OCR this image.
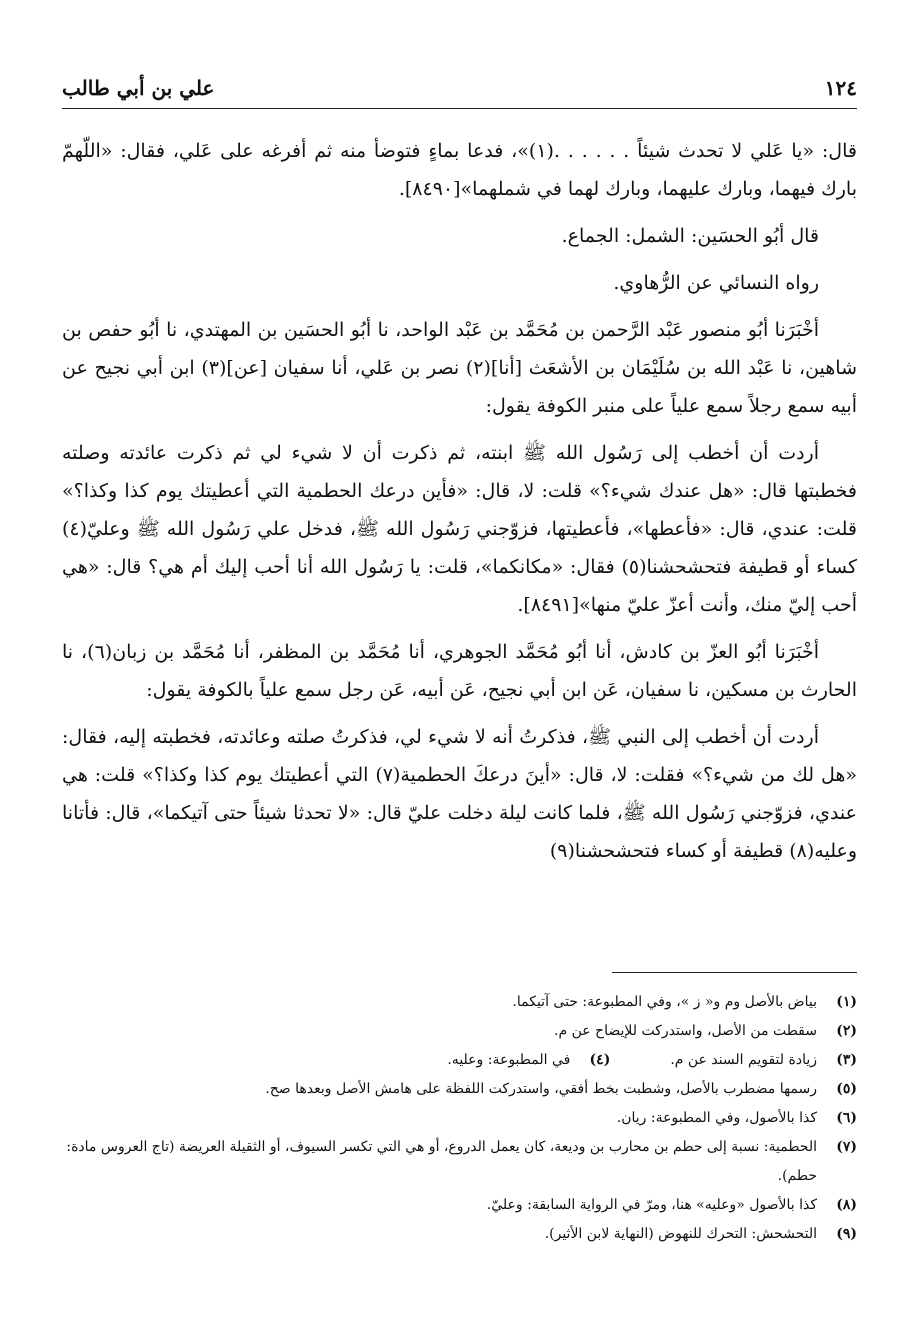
١٢٤
علي بن أبي طالب

قال: «يا عَلي لا تحدث شيئاً . . . . . .(١)»، فدعا بماءٍ فتوضأ منه ثم أفرغه على عَلي، فقال: «اللّهمّ بارك فيهما، وبارك عليهما، وبارك لهما في شملهما»[٨٤٩٠].

قال أبُو الحسَين: الشمل: الجماع.

رواه النسائي عن الرُّهاوي.

أخْبَرَنا أبُو منصور عَبْد الرَّحمن بن مُحَمَّد بن عَبْد الواحد، نا أبُو الحسَين بن المهتدي، نا أبُو حفص بن شاهين، نا عَبْد الله بن سُلَيْمَان بن الأشعَث [أنا](٢) نصر بن عَلي، أنا سفيان [عن](٣) ابن أبي نجيح عن أبيه سمع رجلاً سمع علياً على منبر الكوفة يقول:

أردت أن أخطب إلى رَسُول الله ﷺ ابنته، ثم ذكرت أن لا شيء لي ثم ذكرت عائدته وصلته فخطبتها قال: «هل عندك شيء؟» قلت: لا، قال: «فأين درعك الحطمية التي أعطيتك يوم كذا وكذا؟» قلت: عندي، قال: «فأعطها»، فأعطيتها، فزوّجني رَسُول الله ﷺ، فدخل علي رَسُول الله ﷺ وعليّ(٤) كساء أو قطيفة فتحشحشنا(٥) فقال: «مكانكما»، قلت: يا رَسُول الله أنا أحب إليك أم هي؟ قال: «هي أحب إليّ منك، وأنت أعزّ عليّ منها»[٨٤٩١].

أخْبَرَنا أبُو العزّ بن كادش، أنا أبُو مُحَمَّد الجوهري، أنا مُحَمَّد بن المظفر، أنا مُحَمَّد بن زبان(٦)، نا الحارث بن مسكين، نا سفيان، عَن ابن أبي نجيح، عَن أبيه، عَن رجل سمع علياً بالكوفة يقول:

أردت أن أخطب إلى النبي ﷺ، فذكرتُ أنه لا شيء لي، فذكرتُ صلته وعائدته، فخطبته إليه، فقال: «هل لك من شيء؟» فقلت: لا، قال: «أينَ درعكَ الحطمية(٧) التي أعطيتك يوم كذا وكذا؟» قلت: هي عندي، فزوّجني رَسُول الله ﷺ، فلما كانت ليلة دخلت عليّ قال: «لا تحدثا شيئاً حتى آتيكما»، قال: فأتانا وعليه(٨) قطيفة أو كساء فتحشحشنا(٩)

(١)
بياض بالأصل وم و« ز »، وفي المطبوعة: حتى آتيكما.
(٢)
سقطت من الأصل، واستدركت للإيضاح عن م.
(٣)
زيادة لتقويم السند عن م.
(٤)
في المطبوعة: وعليه.
(٥)
رسمها مضطرب بالأصل، وشطبت بخط أفقي، واستدركت اللفظة على هامش الأصل وبعدها صح.
(٦)
كذا بالأصول، وفي المطبوعة: ريان.
(٧)
الحطمية: نسبة إلى حطم بن محارب بن وديعة، كان يعمل الدروع، أو هي التي تكسر السيوف، أو الثقيلة العريضة (تاج العروس مادة: حطم).
(٨)
كذا بالأصول «وعليه» هنا، ومرّ في الرواية السابقة: وعليّ.
(٩)
التحشحش: التحرك للنهوض (النهاية لابن الأثير).
